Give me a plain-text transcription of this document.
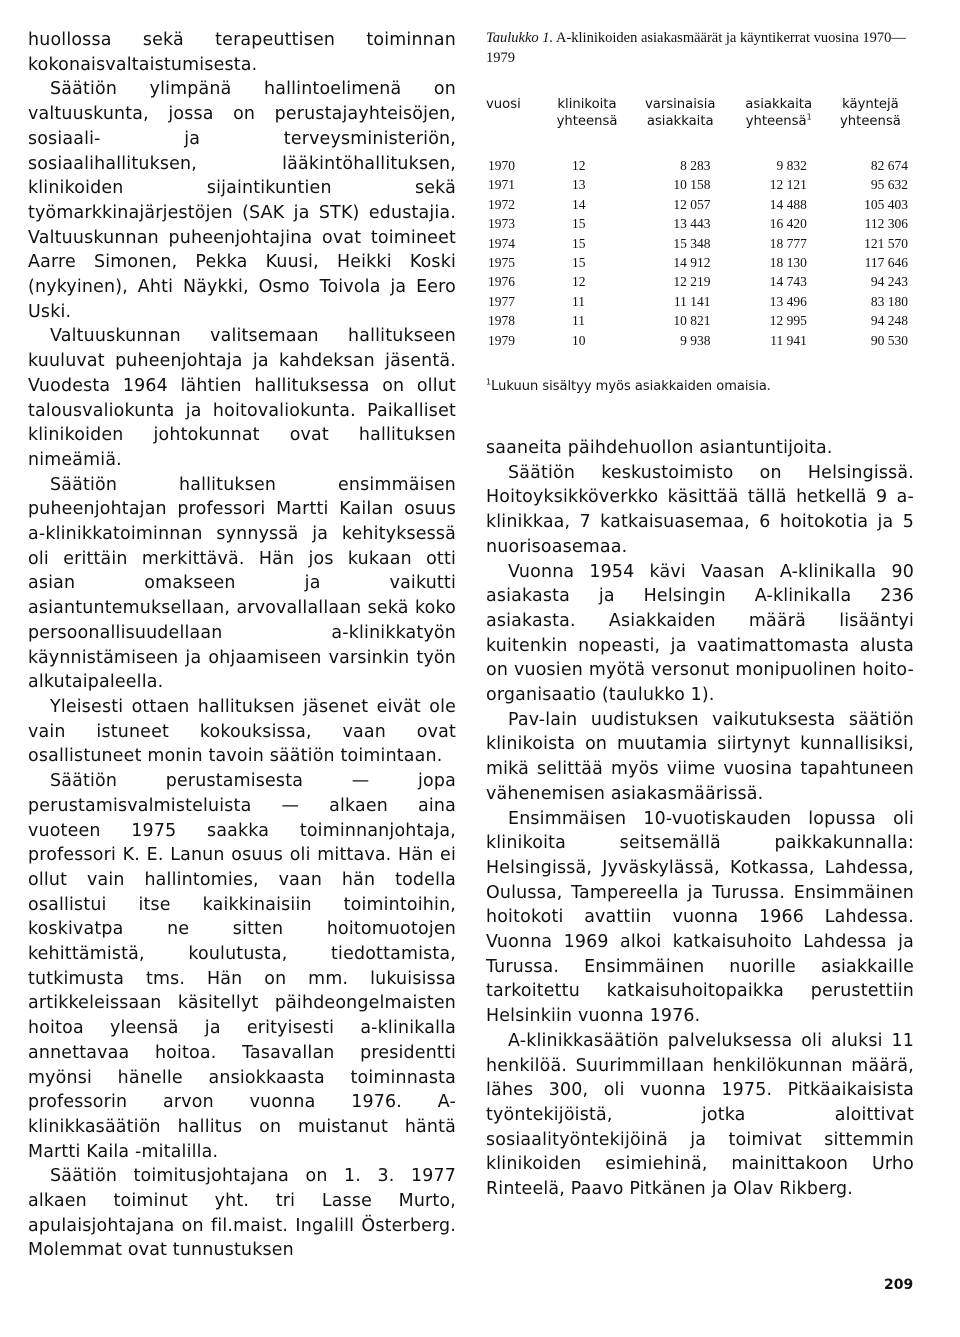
huollossa sekä terapeuttisen toiminnan kokonaisvaltaistumisesta.

Säätiön ylimpänä hallintoelimenä on valtuuskunta, jossa on perustajayhteisöjen, sosiaali- ja terveysministeriön, sosiaalihallituksen, lääkintöhallituksen, klinikoiden sijaintikuntien sekä työmarkkinajärjestöjen (SAK ja STK) edustajia. Valtuuskunnan puheenjohtajina ovat toimineet Aarre Simonen, Pekka Kuusi, Heikki Koski (nykyinen), Ahti Näykki, Osmo Toivola ja Eero Uski.

Valtuuskunnan valitsemaan hallitukseen kuuluvat puheenjohtaja ja kahdeksan jäsentä. Vuodesta 1964 lähtien hallituksessa on ollut talousvaliokunta ja hoitovaliokunta. Paikalliset klinikoiden johtokunnat ovat hallituksen nimeämiä.

Säätiön hallituksen ensimmäisen puheenjohtajan professori Martti Kailan osuus a-klinikkatoiminnan synnyssä ja kehityksessä oli erittäin merkittävä. Hän jos kukaan otti asian omakseen ja vaikutti asiantuntemuksellaan, arvovallallaan sekä koko persoonallisuudellaan a-klinikkatyön käynnistämiseen ja ohjaamiseen varsinkin työn alkutaipaleella.

Yleisesti ottaen hallituksen jäsenet eivät ole vain istuneet kokouksissa, vaan ovat osallistuneet monin tavoin säätiön toimintaan.

Säätiön perustamisesta — jopa perustamisvalmisteluista — alkaen aina vuoteen 1975 saakka toiminnanjohtaja, professori K. E. Lanun osuus oli mittava. Hän ei ollut vain hallintomies, vaan hän todella osallistui itse kaikkinaisiin toimintoihin, koskivatpa ne sitten hoitomuotojen kehittämistä, koulutusta, tiedottamista, tutkimusta tms. Hän on mm. lukuisissa artikkeleissaan käsitellyt päihdeongelmaisten hoitoa yleensä ja erityisesti a-klinikalla annettavaa hoitoa. Tasavallan presidentti myönsi hänelle ansiokkaasta toiminnasta professorin arvon vuonna 1976. A-klinikkasäätiön hallitus on muistanut häntä Martti Kaila -mitalilla.

Säätiön toimitusjohtajana on 1. 3. 1977 alkaen toiminut yht. tri Lasse Murto, apulaisjohtajana on fil.maist. Ingalill Österberg. Molemmat ovat tunnustuksen

Taulukko 1. A-klinikoiden asiakasmäärät ja käyntikerrat vuosina 1970—1979
vuosi	klinikoita yhteensä	varsinaisia asiakkaita	asiakkaita yhteensä$^1$	käyntejä yhteensä
1970	12	8 283	9 832	82 674
1971	13	10 158	12 121	95 632
1972	14	12 057	14 488	105 403
1973	15	13 443	16 420	112 306
1974	15	15 348	18 777	121 570
1975	15	14 912	18 130	117 646
1976	12	12 219	14 743	94 243
1977	11	11 141	13 496	83 180
1978	11	10 821	12 995	94 248
1979	10	9 938	11 941	90 530
$^1$Lukuun sisältyy myös asiakkaiden omaisia.

saaneita päihdehuollon asiantuntijoita.

Säätiön keskustoimisto on Helsingissä. Hoitoyksikköverkko käsittää tällä hetkellä 9 a-klinikkaa, 7 katkaisuasemaa, 6 hoitokotia ja 5 nuorisoasemaa.

Vuonna 1954 kävi Vaasan A-klinikalla 90 asiakasta ja Helsingin A-klinikalla 236 asiakasta. Asiakkaiden määrä lisääntyi kuitenkin nopeasti, ja vaatimattomasta alusta on vuosien myötä versonut monipuolinen hoito-organisaatio (taulukko 1).

Pav-lain uudistuksen vaikutuksesta säätiön klinikoista on muutamia siirtynyt kunnallisiksi, mikä selittää myös viime vuosina tapahtuneen vähenemisen asiakasmäärissä.

Ensimmäisen 10-vuotiskauden lopussa oli klinikoita seitsemällä paikkakunnalla: Helsingissä, Jyväskylässä, Kotkassa, Lahdessa, Oulussa, Tampereella ja Turussa. Ensimmäinen hoitokoti avattiin vuonna 1966 Lahdessa. Vuonna 1969 alkoi katkaisuhoito Lahdessa ja Turussa. Ensimmäinen nuorille asiakkaille tarkoitettu katkaisuhoitopaikka perustettiin Helsinkiin vuonna 1976.

A-klinikkasäätiön palveluksessa oli aluksi 11 henkilöä. Suurimmillaan henkilökunnan määrä, lähes 300, oli vuonna 1975. Pitkäaikaisista työntekijöistä, jotka aloittivat sosiaalityöntekijöinä ja toimivat sittemmin klinikoiden esimiehinä, mainittakoon Urho Rinteelä, Paavo Pitkänen ja Olav Rikberg.

209
